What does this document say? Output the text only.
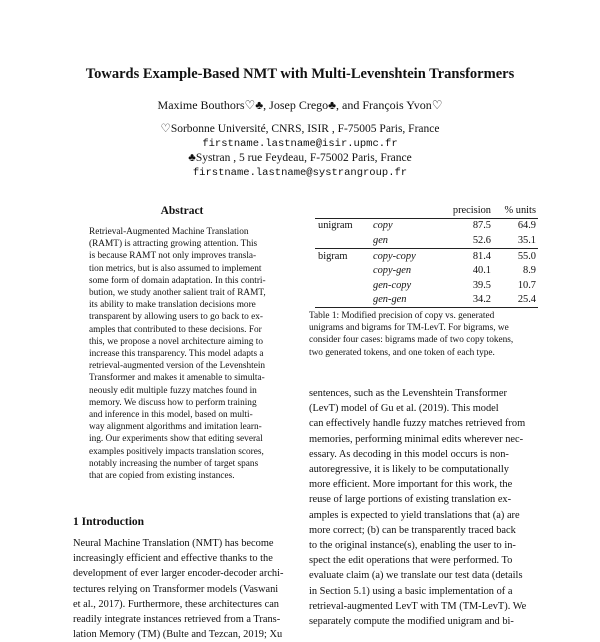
Towards Example-Based NMT with Multi-Levenshtein Transformers
Maxime Bouthors♡♣, Josep Crego♣, and François Yvon♡
♡Sorbonne Université, CNRS, ISIR , F-75005 Paris, France
firstname.lastname@isir.upmc.fr
♣Systran , 5 rue Feydeau, F-75002 Paris, France
firstname.lastname@systrangroup.fr
Abstract

Retrieval-Augmented Machine Translation

(RAMT) is attracting growing attention. This

is because RAMT not only improves transla-

tion metrics, but is also assumed to implement

some form of domain adaptation. In this contri-

bution, we study another salient trait of RAMT,

its ability to make translation decisions more

transparent by allowing users to go back to ex-

amples that contributed to these decisions. For

this, we propose a novel architecture aiming to

increase this transparency. This model adapts a

retrieval-augmented version of the Levenshtein

Transformer and makes it amenable to simulta-

neously edit multiple fuzzy matches found in

memory. We discuss how to perform training

and inference in this model, based on multi-

way alignment algorithms and imitation learn-

ing. Our experiments show that editing several

examples positively impacts translation scores,

notably increasing the number of target spans

that are copied from existing instances.

1 Introduction

Neural Machine Translation (NMT) has become

increasingly efficient and effective thanks to the

development of ever larger encoder-decoder archi-

tectures relying on Transformer models (Vaswani

et al., 2017). Furthermore, these architectures can

readily integrate instances retrieved from a Trans-

lation Memory (TM) (Bulte and Tezcan, 2019; Xu

		precision	% units
unigram	copy	87.5	64.9
	gen	52.6	35.1
bigram	copy-copy	81.4	55.0
	copy-gen	40.1	8.9
	gen-copy	39.5	10.7
	gen-gen	34.2	25.4

Table 1: Modified precision of copy vs. generated

unigrams and bigrams for TM-LevT. For bigrams, we

consider four cases: bigrams made of two copy tokens,

two generated tokens, and one token of each type.

sentences, such as the Levenshtein Transformer

(LevT) model of Gu et al. (2019). This model

can effectively handle fuzzy matches retrieved from

memories, performing minimal edits wherever nec-

essary. As decoding in this model occurs is non-

autoregressive, it is likely to be computationally

more efficient. More important for this work, the

reuse of large portions of existing translation ex-

amples is expected to yield translations that (a) are

more correct; (b) can be transparently traced back

to the original instance(s), enabling the user to in-

spect the edit operations that were performed. To

evaluate claim (a) we translate our test data (details

in Section 5.1) using a basic implementation of a

retrieval-augmented LevT with TM (TM-LevT). We

separately compute the modified unigram and bi-
